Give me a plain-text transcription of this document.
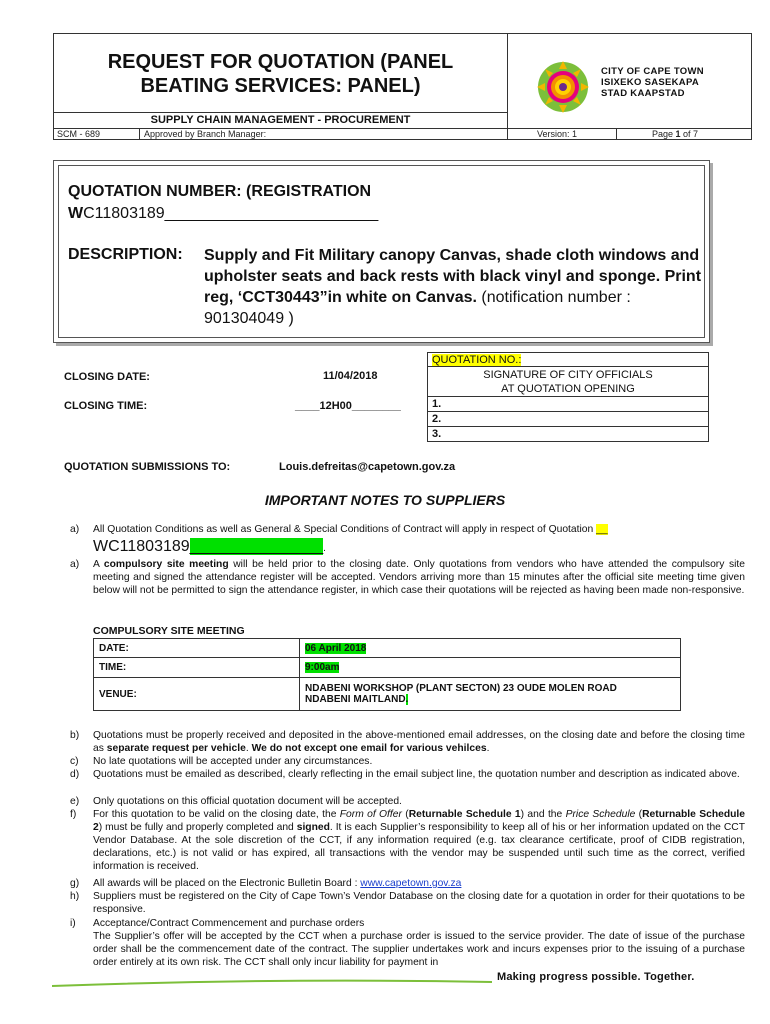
REQUEST FOR QUOTATION (PANEL
BEATING SERVICES: PANEL)
SUPPLY CHAIN MANAGEMENT - PROCUREMENT
SCM - 689	Approved by Branch Manager:	Version: 1	Page 1 of 7
CITY OF CAPE TOWN
ISIXEKO SASEKAPA
STAD KAAPSTAD
QUOTATION NUMBER: (REGISTRATION
WC11803189________________________
DESCRIPTION: Supply and Fit Military canopy Canvas, shade cloth windows and upholster seats and back rests with black vinyl and sponge. Print reg, ‘CCT30443”in white on Canvas. (notification number : 901304049 )
CLOSING DATE:	11/04/2018
CLOSING TIME:	____12H00________
QUOTATION NO.:

SIGNATURE OF CITY OFFICIALS
AT QUOTATION OPENING

1.
2.
3.
QUOTATION SUBMISSIONS TO:	Louis.defreitas@capetown.gov.za
IMPORTANT NOTES TO SUPPLIERS
a) All Quotation Conditions as well as General & Special Conditions of Contract will apply in respect of Quotation __
WC11803189_______________.
a) A compulsory site meeting will be held prior to the closing date. Only quotations from vendors who have attended the compulsory site meeting and signed the attendance register will be accepted. Vendors arriving more than 15 minutes after the official site meeting time given below will not be permitted to sign the attendance register, in which case their quotations will be rejected as having been made non-responsive.
COMPULSORY SITE MEETING
DATE:	06 April 2018
TIME:	9:00am
VENUE:	NDABENI WORKSHOP (PLANT SECTON) 23 OUDE MOLEN ROAD
NDABENI MAITLAND.
b) Quotations must be properly received and deposited in the above-mentioned email addresses, on the closing date and before the closing time as separate request per vehicle. We do not except one email for various vehilces.
c) No late quotations will be accepted under any circumstances.
d) Quotations must be emailed as described, clearly reflecting in the email subject line, the quotation number and description as indicated above.
e) Only quotations on this official quotation document will be accepted.
f) For this quotation to be valid on the closing date, the Form of Offer (Returnable Schedule 1) and the Price Schedule (Returnable Schedule 2) must be fully and properly completed and signed. It is each Supplier’s responsibility to keep all of his or her information updated on the CCT Vendor Database. At the sole discretion of the CCT, if any information required (e.g. tax clearance certificate, proof of CIDB registration, declarations, etc.) is not valid or has expired, all transactions with the vendor may be suspended until such time as the correct, verified information is received.
g) All awards will be placed on the Electronic Bulletin Board : www.capetown.gov.za
h) Suppliers must be registered on the City of Cape Town’s Vendor Database on the closing date for a quotation in order for their quotations to be responsive.
i) Acceptance/Contract Commencement and purchase orders
The Supplier’s offer will be accepted by the CCT when a purchase order is issued to the service provider. The date of issue of the purchase order shall be the commencement date of the contract. The supplier undertakes work and incurs expenses prior to the issuing of a purchase order entirely at its own risk. The CCT shall only incur liability for payment in
Making progress possible. Together.
